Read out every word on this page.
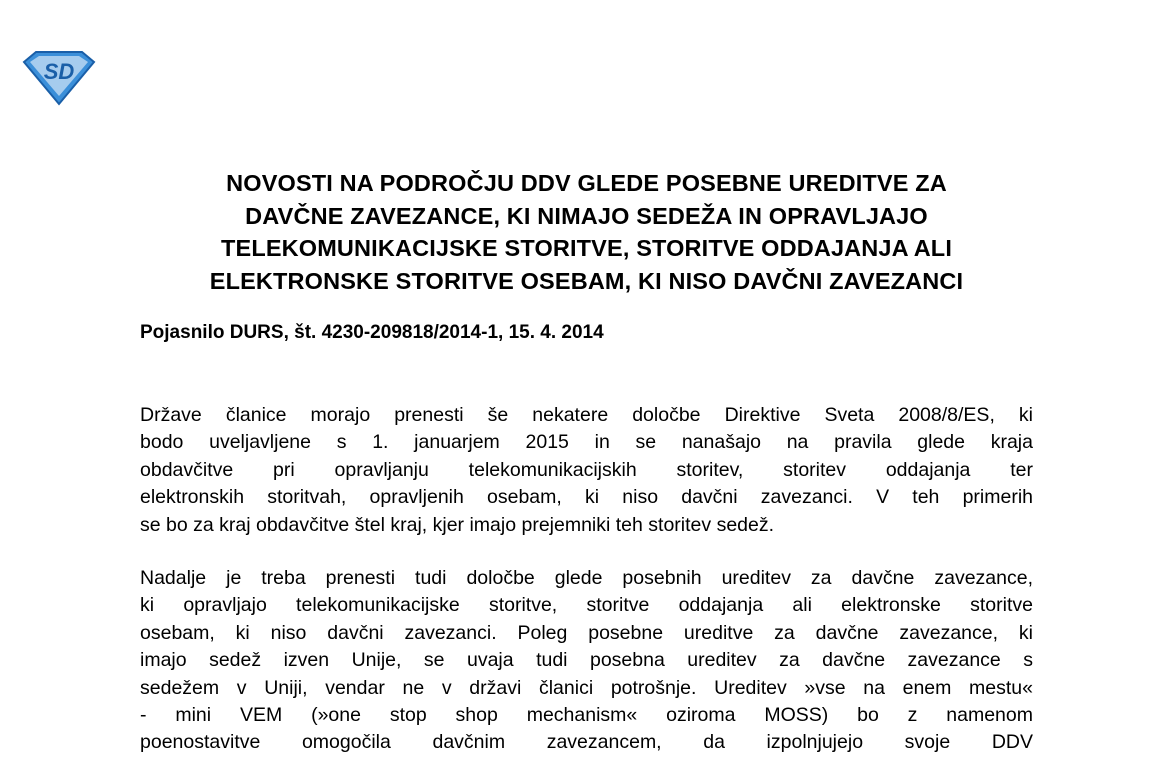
SD
NOVOSTI NA PODROČJU DDV GLEDE POSEBNE UREDITVE ZA
DAVČNE ZAVEZANCE, KI NIMAJO SEDEŽA IN OPRAVLJAJO
TELEKOMUNIKACIJSKE STORITVE, STORITVE ODDAJANJA ALI
ELEKTRONSKE STORITVE OSEBAM, KI NISO DAVČNI ZAVEZANCI

Pojasnilo DURS, št. 4230-209818/2014-1, 15. 4. 2014

Države članice morajo prenesti še nekatere določbe Direktive Sveta 2008/8/ES, ki
bodo uveljavljene s 1. januarjem 2015 in se nanašajo na pravila glede kraja
obdavčitve pri opravljanju telekomunikacijskih storitev, storitev oddajanja ter
elektronskih storitvah, opravljenih osebam, ki niso davčni zavezanci. V teh primerih
se bo za kraj obdavčitve štel kraj, kjer imajo prejemniki teh storitev sedež.

Nadalje je treba prenesti tudi določbe glede posebnih ureditev za davčne zavezance,
ki opravljajo telekomunikacijske storitve, storitve oddajanja ali elektronske storitve
osebam, ki niso davčni zavezanci. Poleg posebne ureditve za davčne zavezance, ki
imajo sedež izven Unije, se uvaja tudi posebna ureditev za davčne zavezance s
sedežem v Uniji, vendar ne v državi članici potrošnje. Ureditev »vse na enem mestu«
- mini VEM (»one stop shop mechanism« oziroma MOSS) bo z namenom
poenostavitve omogočila davčnim zavezancem, da izpolnjujejo svoje DDV
